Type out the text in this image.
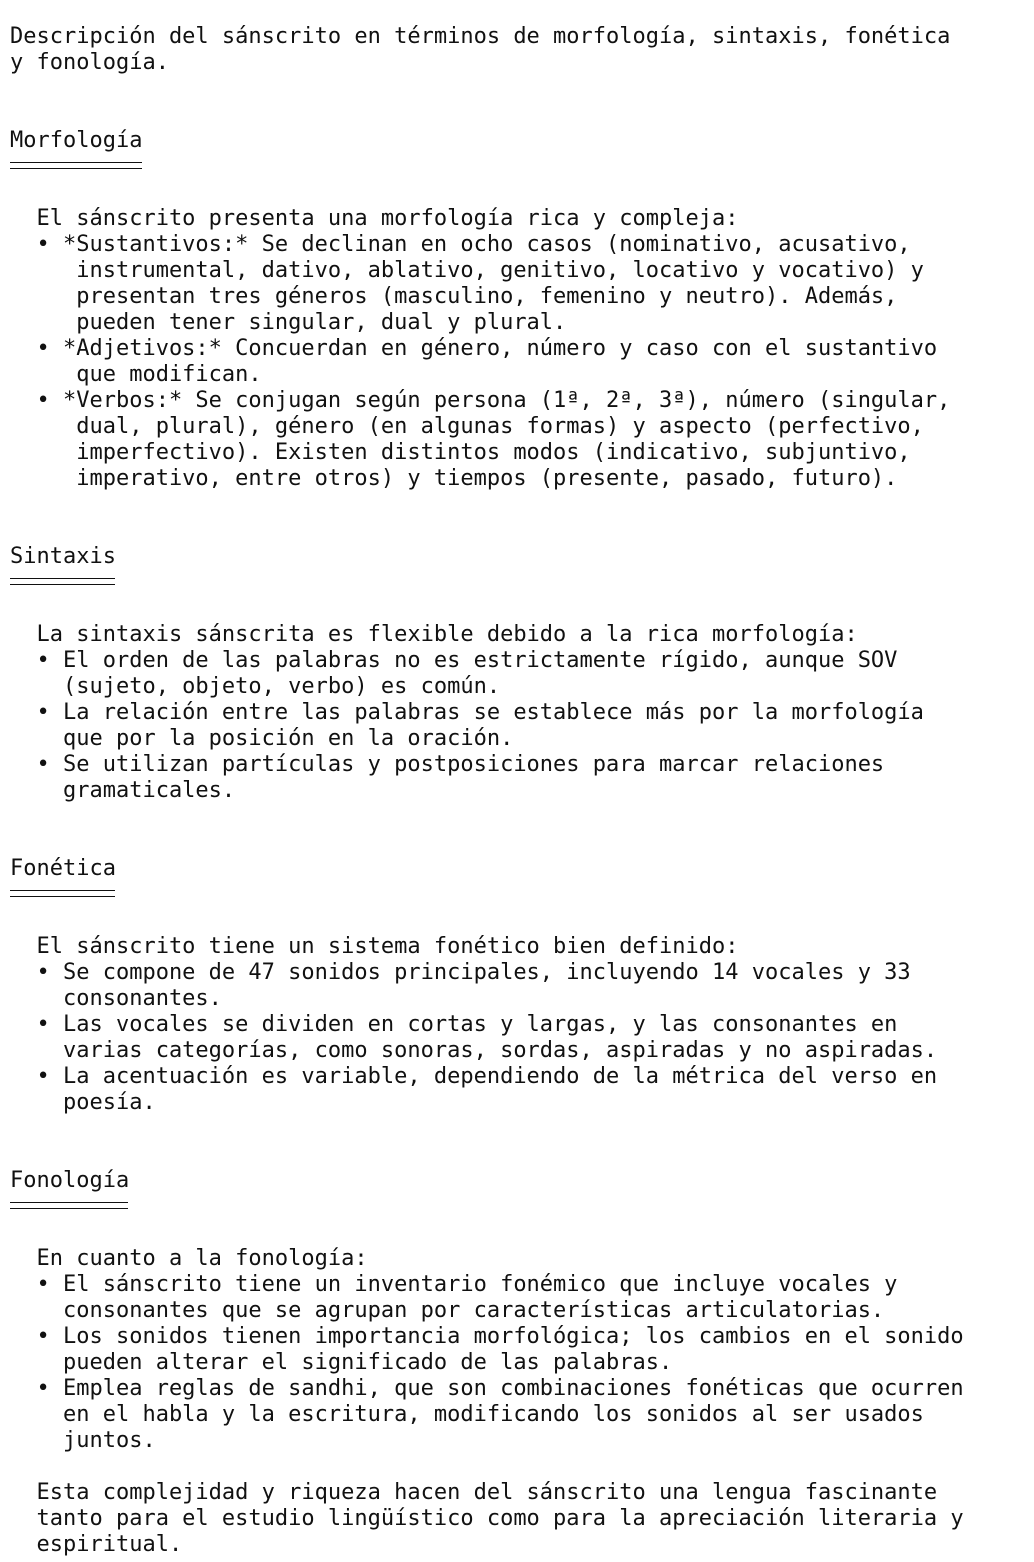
Descripción del sánscrito en términos de morfología, sintaxis, fonética
y fonología.
Morfología
El sánscrito presenta una morfología rica y compleja:
• *Sustantivos:* Se declinan en ocho casos (nominativo, acusativo,
instrumental, dativo, ablativo, genitivo, locativo y vocativo) y
presentan tres géneros (masculino, femenino y neutro). Además,
pueden tener singular, dual y plural.
• *Adjetivos:* Concuerdan en género, número y caso con el sustantivo
que modifican.
• *Verbos:* Se conjugan según persona (1ª, 2ª, 3ª), número (singular,
dual, plural), género (en algunas formas) y aspecto (perfectivo,
imperfectivo). Existen distintos modos (indicativo, subjuntivo,
imperativo, entre otros) y tiempos (presente, pasado, futuro).
Sintaxis
La sintaxis sánscrita es flexible debido a la rica morfología:
• El orden de las palabras no es estrictamente rígido, aunque SOV
(sujeto, objeto, verbo) es común.
• La relación entre las palabras se establece más por la morfología
que por la posición en la oración.
• Se utilizan partículas y postposiciones para marcar relaciones
gramaticales.
Fonética
El sánscrito tiene un sistema fonético bien definido:
• Se compone de 47 sonidos principales, incluyendo 14 vocales y 33
consonantes.
• Las vocales se dividen en cortas y largas, y las consonantes en
varias categorías, como sonoras, sordas, aspiradas y no aspiradas.
• La acentuación es variable, dependiendo de la métrica del verso en
poesía.
Fonología
En cuanto a la fonología:
• El sánscrito tiene un inventario fonémico que incluye vocales y
consonantes que se agrupan por características articulatorias.
• Los sonidos tienen importancia morfológica; los cambios en el sonido
pueden alterar el significado de las palabras.
• Emplea reglas de sandhi, que son combinaciones fonéticas que ocurren
en el habla y la escritura, modificando los sonidos al ser usados
juntos.
Esta complejidad y riqueza hacen del sánscrito una lengua fascinante
tanto para el estudio lingüístico como para la apreciación literaria y
espiritual.
